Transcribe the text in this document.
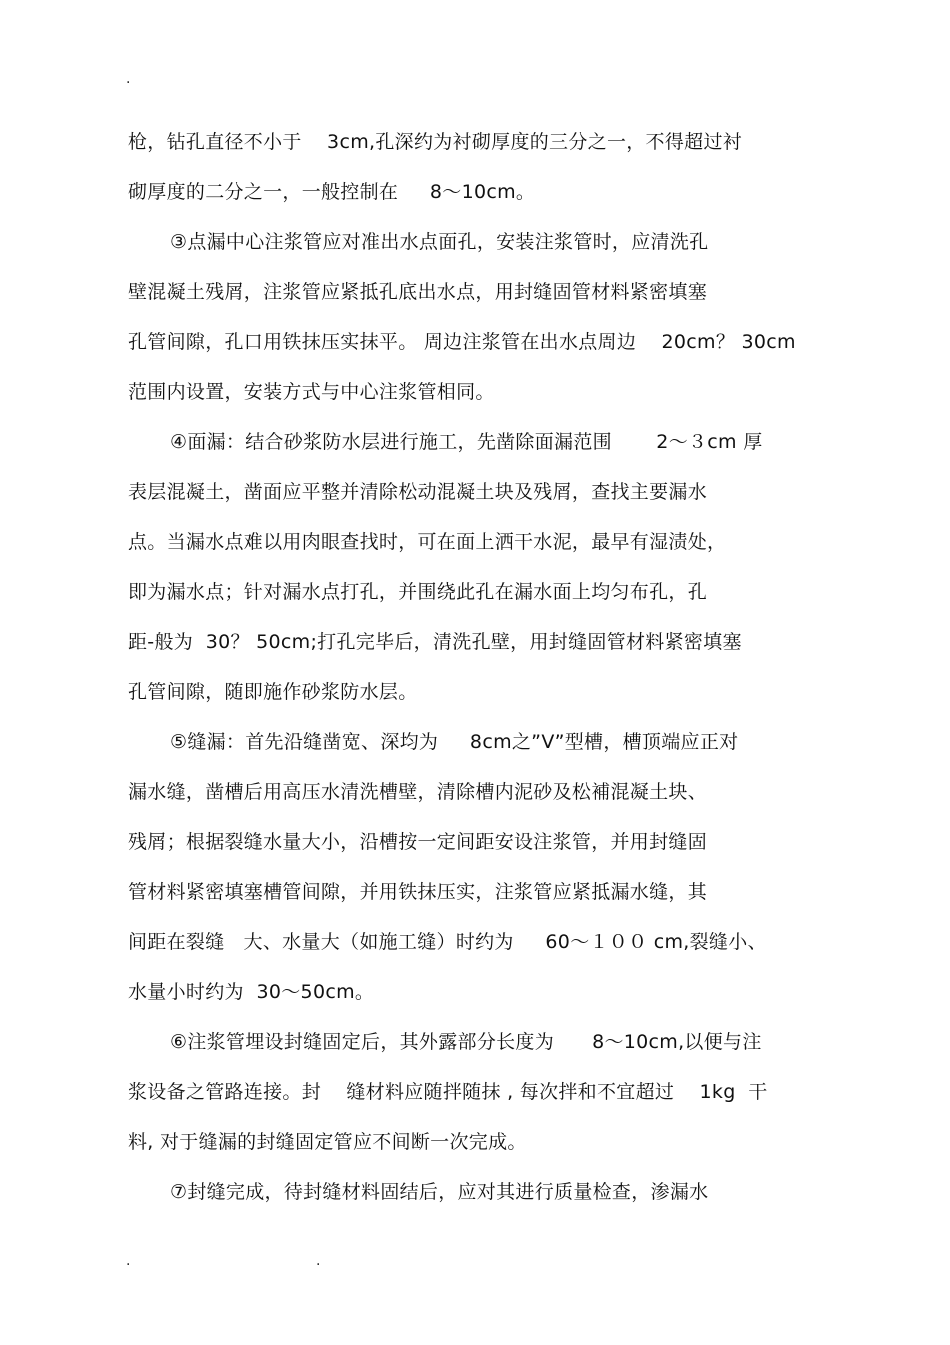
·
枪，钻孔直径不小于    3cm,孔深约为衬砌厚度的三分之一，不得超过衬
砌厚度的二分之一，一般控制在     8～10cm。
③点漏中心注浆管应对准出水点面孔，安装注浆管时，应清洗孔
壁混凝土残屑，注浆管应紧抵孔底出水点，用封缝固管材料紧密填塞
孔管间隙，孔口用铁抹压实抹平。 周边注浆管在出水点周边    20cm？ 30cm
范围内设置，安装方式与中心注浆管相同。
④面漏：结合砂浆防水层进行施工，先凿除面漏范围       2～３cm 厚
表层混凝土，凿面应平整并清除松动混凝土块及残屑，查找主要漏水
点。当漏水点难以用肉眼查找时，可在面上洒干水泥，最早有湿渍处，
即为漏水点；针对漏水点打孔，并围绕此孔在漏水面上均匀布孔，孔
距-般为  30？ 50cm;打孔完毕后，清洗孔壁，用封缝固管材料紧密填塞
孔管间隙，随即施作砂浆防水层。
⑤缝漏：首先沿缝凿宽、深均为     8cm之”V”型槽，槽顶端应正对
漏水缝，凿槽后用高压水清洗槽壁，清除槽内泥砂及松補混凝土块、
残屑；根据裂缝水量大小，沿槽按一定间距安设注浆管，并用封缝固
管材料紧密填塞槽管间隙，并用铁抹压实，注浆管应紧抵漏水缝，其
间距在裂缝   大、水量大（如施工缝）时约为     60～１００ cm,裂缝小、
水量小时约为  30～50cm。
⑥注浆管埋设封缝固定后，其外露部分长度为      8～10cm,以便与注
浆设备之管路连接。封    缝材料应随拌随抹 , 每次拌和不宜超过    1kg  干
料, 对于缝漏的封缝固定管应不间断一次完成。
⑦封缝完成，待封缝材料固结后，应对其进行质量检查，渗漏水
·	·
